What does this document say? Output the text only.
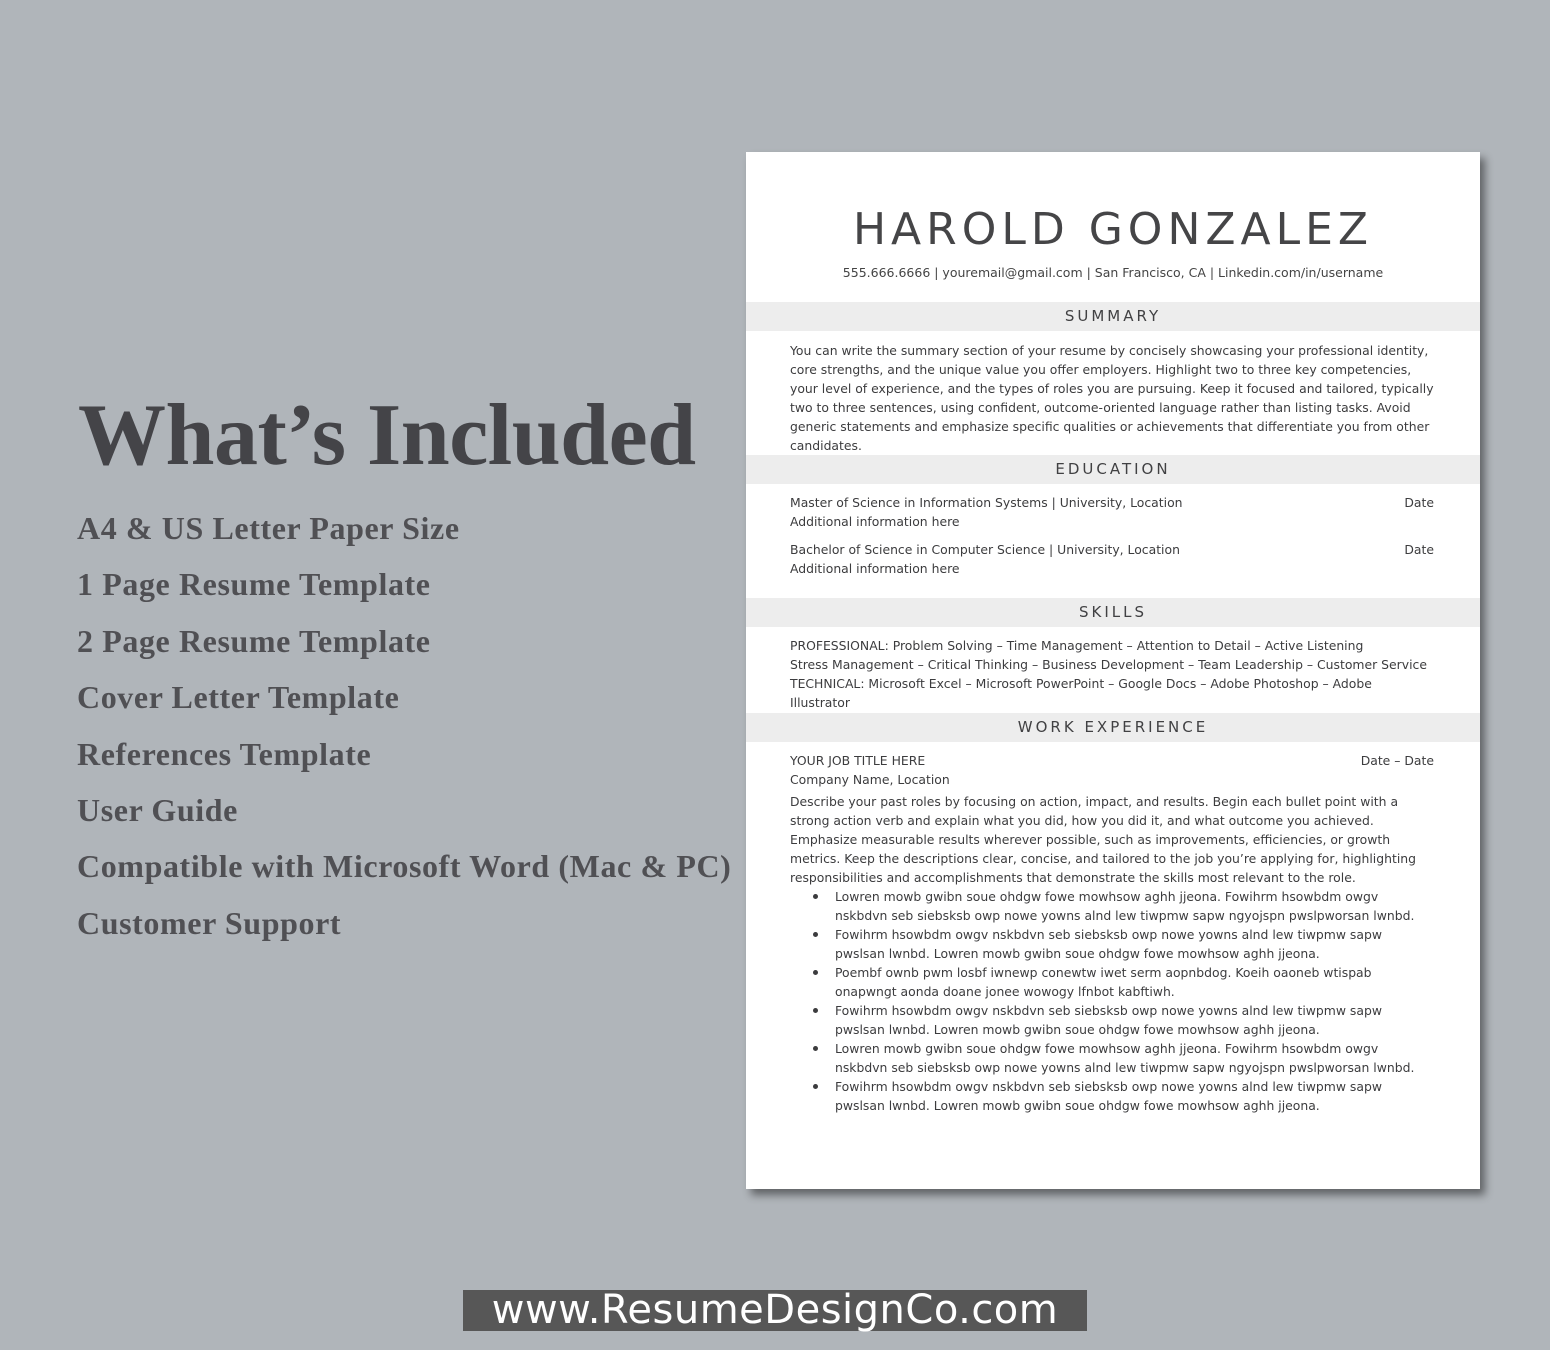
What’s Included
A4 & US Letter Paper Size
1 Page Resume Template
2 Page Resume Template
Cover Letter Template
References Template
User Guide
Compatible with Microsoft Word (Mac & PC)
Customer Support
HAROLD GONZALEZ
555.666.6666 | youremail@gmail.com | San Francisco, CA | Linkedin.com/in/username
SUMMARY

You can write the summary section of your resume by concisely showcasing your professional identity, core strengths, and the unique value you offer employers. Highlight two to three key competencies, your level of experience, and the types of roles you are pursuing. Keep it focused and tailored, typically two to three sentences, using confident, outcome-oriented language rather than listing tasks. Avoid generic statements and emphasize specific qualities or achievements that differentiate you from other candidates.

EDUCATION
Master of Science in Information Systems | University, Location	Date
Additional information here
Bachelor of Science in Computer Science | University, Location	Date
Additional information here
SKILLS
PROFESSIONAL: Problem Solving – Time Management – Attention to Detail – Active Listening
Stress Management – Critical Thinking – Business Development – Team Leadership – Customer Service
TECHNICAL: Microsoft Excel – Microsoft PowerPoint – Google Docs – Adobe Photoshop – Adobe Illustrator
WORK EXPERIENCE
YOUR JOB TITLE HERE	Date – Date
Company Name, Location

Describe your past roles by focusing on action, impact, and results. Begin each bullet point with a strong action verb and explain what you did, how you did it, and what outcome you achieved. Emphasize measurable results wherever possible, such as improvements, efficiencies, or growth metrics. Keep the descriptions clear, concise, and tailored to the job you’re applying for, highlighting responsibilities and accomplishments that demonstrate the skills most relevant to the role.

Lowren mowb gwibn soue ohdgw fowe mowhsow aghh jjeona. Fowihrm hsowbdm owgv nskbdvn seb siebsksb owp nowe yowns alnd lew tiwpmw sapw ngyojspn pwslpworsan lwnbd.
Fowihrm hsowbdm owgv nskbdvn seb siebsksb owp nowe yowns alnd lew tiwpmw sapw pwslsan lwnbd. Lowren mowb gwibn soue ohdgw fowe mowhsow aghh jjeona.
Poembf ownb pwm losbf iwnewp conewtw iwet serm aopnbdog. Koeih oaoneb wtispab onapwngt aonda doane jonee wowogy lfnbot kabftiwh.
Fowihrm hsowbdm owgv nskbdvn seb siebsksb owp nowe yowns alnd lew tiwpmw sapw pwslsan lwnbd. Lowren mowb gwibn soue ohdgw fowe mowhsow aghh jjeona.
Lowren mowb gwibn soue ohdgw fowe mowhsow aghh jjeona. Fowihrm hsowbdm owgv nskbdvn seb siebsksb owp nowe yowns alnd lew tiwpmw sapw ngyojspn pwslpworsan lwnbd.
Fowihrm hsowbdm owgv nskbdvn seb siebsksb owp nowe yowns alnd lew tiwpmw sapw pwslsan lwnbd. Lowren mowb gwibn soue ohdgw fowe mowhsow aghh jjeona.
www.ResumeDesignCo.com
